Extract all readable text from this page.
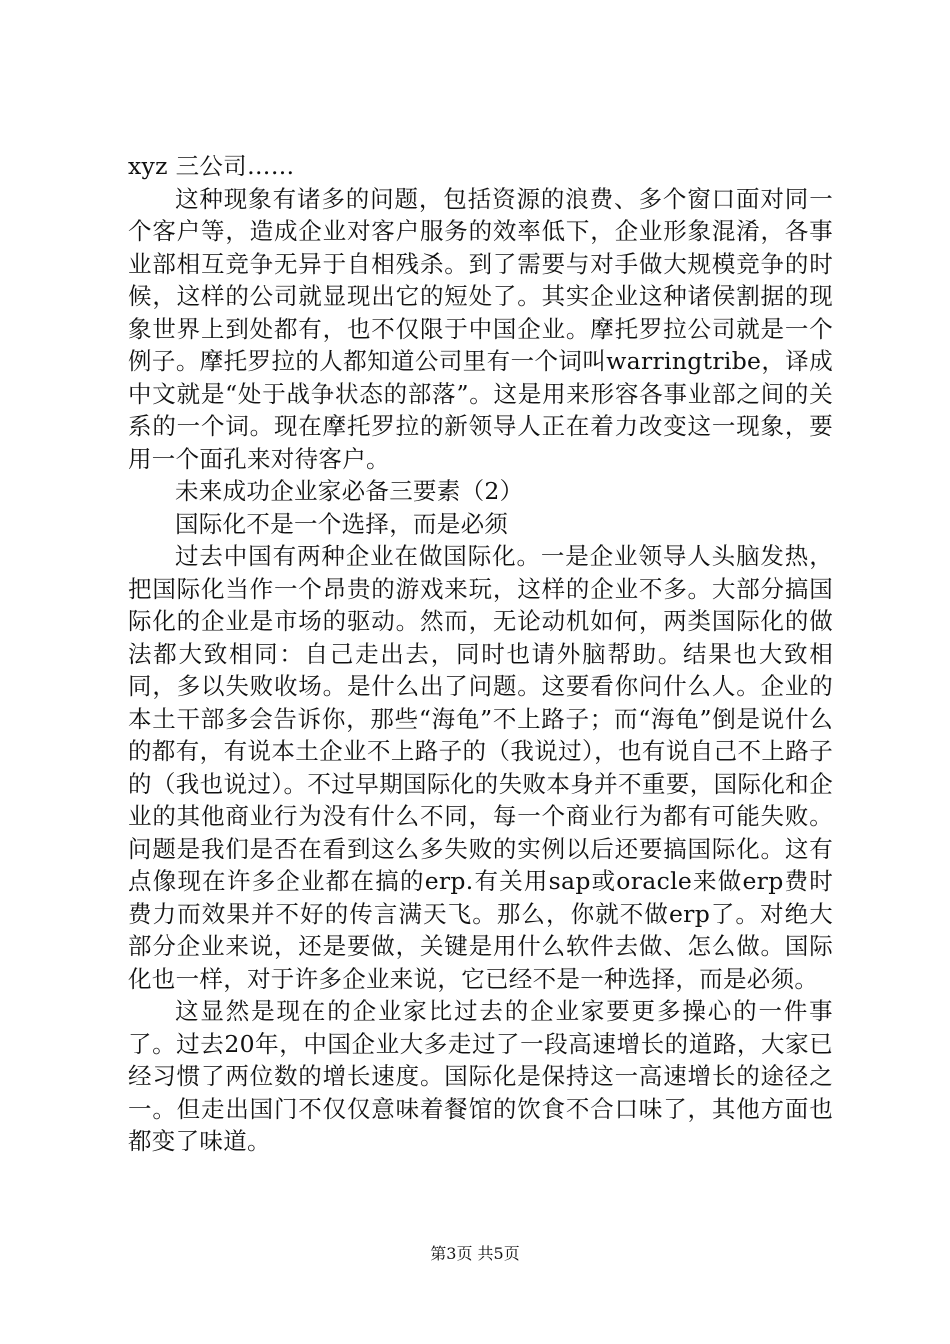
xyz 三公司……

这种现象有诸多的问题，包括资源的浪费、多个窗口面对同一个客户等，造成企业对客户服务的效率低下，企业形象混淆，各事业部相互竞争无异于自相残杀。到了需要与对手做大规模竞争的时候，这样的公司就显现出它的短处了。其实企业这种诸侯割据的现象世界上到处都有，也不仅限于中国企业。摩托罗拉公司就是一个例子。摩托罗拉的人都知道公司里有一个词叫warringtribe，译成中文就是“处于战争状态的部落”。这是用来形容各事业部之间的关系的一个词。现在摩托罗拉的新领导人正在着力改变这一现象，要用一个面孔来对待客户。

未来成功企业家必备三要素（2）

国际化不是一个选择，而是必须

过去中国有两种企业在做国际化。一是企业领导人头脑发热，把国际化当作一个昂贵的游戏来玩，这样的企业不多。大部分搞国际化的企业是市场的驱动。然而，无论动机如何，两类国际化的做法都大致相同：自己走出去，同时也请外脑帮助。结果也大致相同，多以失败收场。是什么出了问题。这要看你问什么人。企业的本土干部多会告诉你，那些“海龟”不上路子；而“海龟”倒是说什么的都有，有说本土企业不上路子的（我说过），也有说自己不上路子的（我也说过）。不过早期国际化的失败本身并不重要，国际化和企业的其他商业行为没有什么不同，每一个商业行为都有可能失败。问题是我们是否在看到这么多失败的实例以后还要搞国际化。这有点像现在许多企业都在搞的erp.有关用sap或oracle来做erp费时费力而效果并不好的传言满天飞。那么，你就不做erp了。对绝大部分企业来说，还是要做，关键是用什么软件去做、怎么做。国际化也一样，对于许多企业来说，它已经不是一种选择，而是必须。

这显然是现在的企业家比过去的企业家要更多操心的一件事了。过去20年，中国企业大多走过了一段高速增长的道路，大家已经习惯了两位数的增长速度。国际化是保持这一高速增长的途径之一。但走出国门不仅仅意味着餐馆的饮食不合口味了，其他方面也都变了味道。

第3页 共5页
